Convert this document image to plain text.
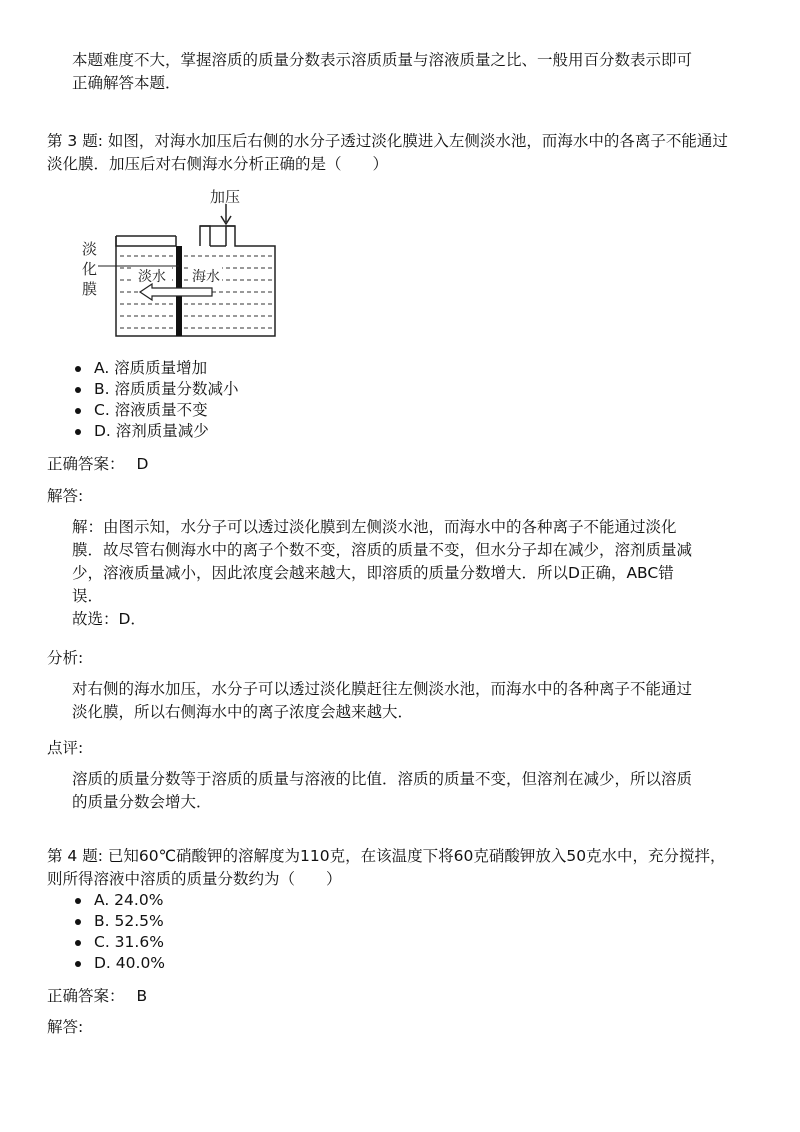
本题难度不大，掌握溶质的质量分数表示溶质质量与溶液质量之比、一般用百分数表示即可

正确解答本题．

第 3 题: 如图，对海水加压后右侧的水分子透过淡化膜进入左侧淡水池，而海水中的各离子不能通过

淡化膜．加压后对右侧海水分析正确的是（　　）

加压
淡水 海水
淡
化
膜
A. 溶质质量增加
B. 溶质质量分数减小
C. 溶液质量不变
D. 溶剂质量减少
正确答案： D
解答:

解：由图示知，水分子可以透过淡化膜到左侧淡水池，而海水中的各种离子不能通过淡化

膜．故尽管右侧海水中的离子个数不变，溶质的质量不变，但水分子却在减少，溶剂质量减

少，溶液质量减小，因此浓度会越来越大，即溶质的质量分数增大．所以D正确，ABC错

误．

故选：D．

分析:

对右侧的海水加压，水分子可以透过淡化膜赶往左侧淡水池，而海水中的各种离子不能通过

淡化膜，所以右侧海水中的离子浓度会越来越大．

点评:

溶质的质量分数等于溶质的质量与溶液的比值．溶质的质量不变，但溶剂在减少，所以溶质

的质量分数会增大．

第 4 题: 已知60℃硝酸钾的溶解度为110克，在该温度下将60克硝酸钾放入50克水中，充分搅拌，

则所得溶液中溶质的质量分数约为（　　）

A. 24.0%
B. 52.5%
C. 31.6%
D. 40.0%
正确答案： B
解答:
